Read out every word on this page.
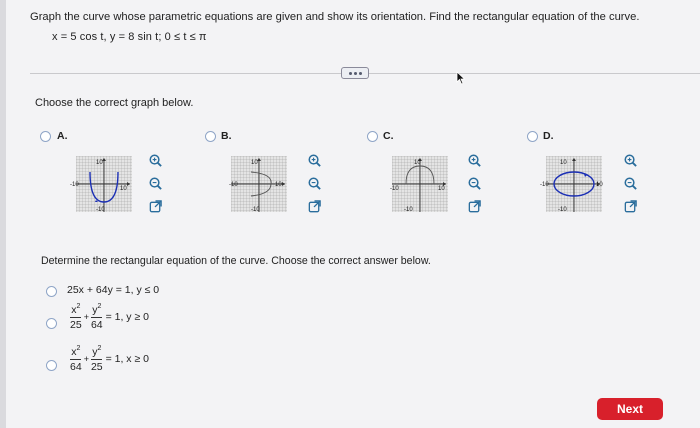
Graph the curve whose parametric equations are given and show its orientation. Find the rectangular equation of the curve.
x = 5 cos t, y = 8 sin t; 0 ≤ t ≤ π
Choose the correct graph below.
A.
10
-10
10
-10
B.
10
-10	10
-10
C.
10
-10	10
-10
D.
10
-10	10
-10
Determine the rectangular equation of the curve. Choose the correct answer below.
25x + 64y = 1, y ≤ 0
$\frac{x^2}{25} + \frac{y^2}{64} = 1$, y ≥ 0
$\frac{x^2}{64} + \frac{y^2}{25} = 1$, x ≥ 0
Next
